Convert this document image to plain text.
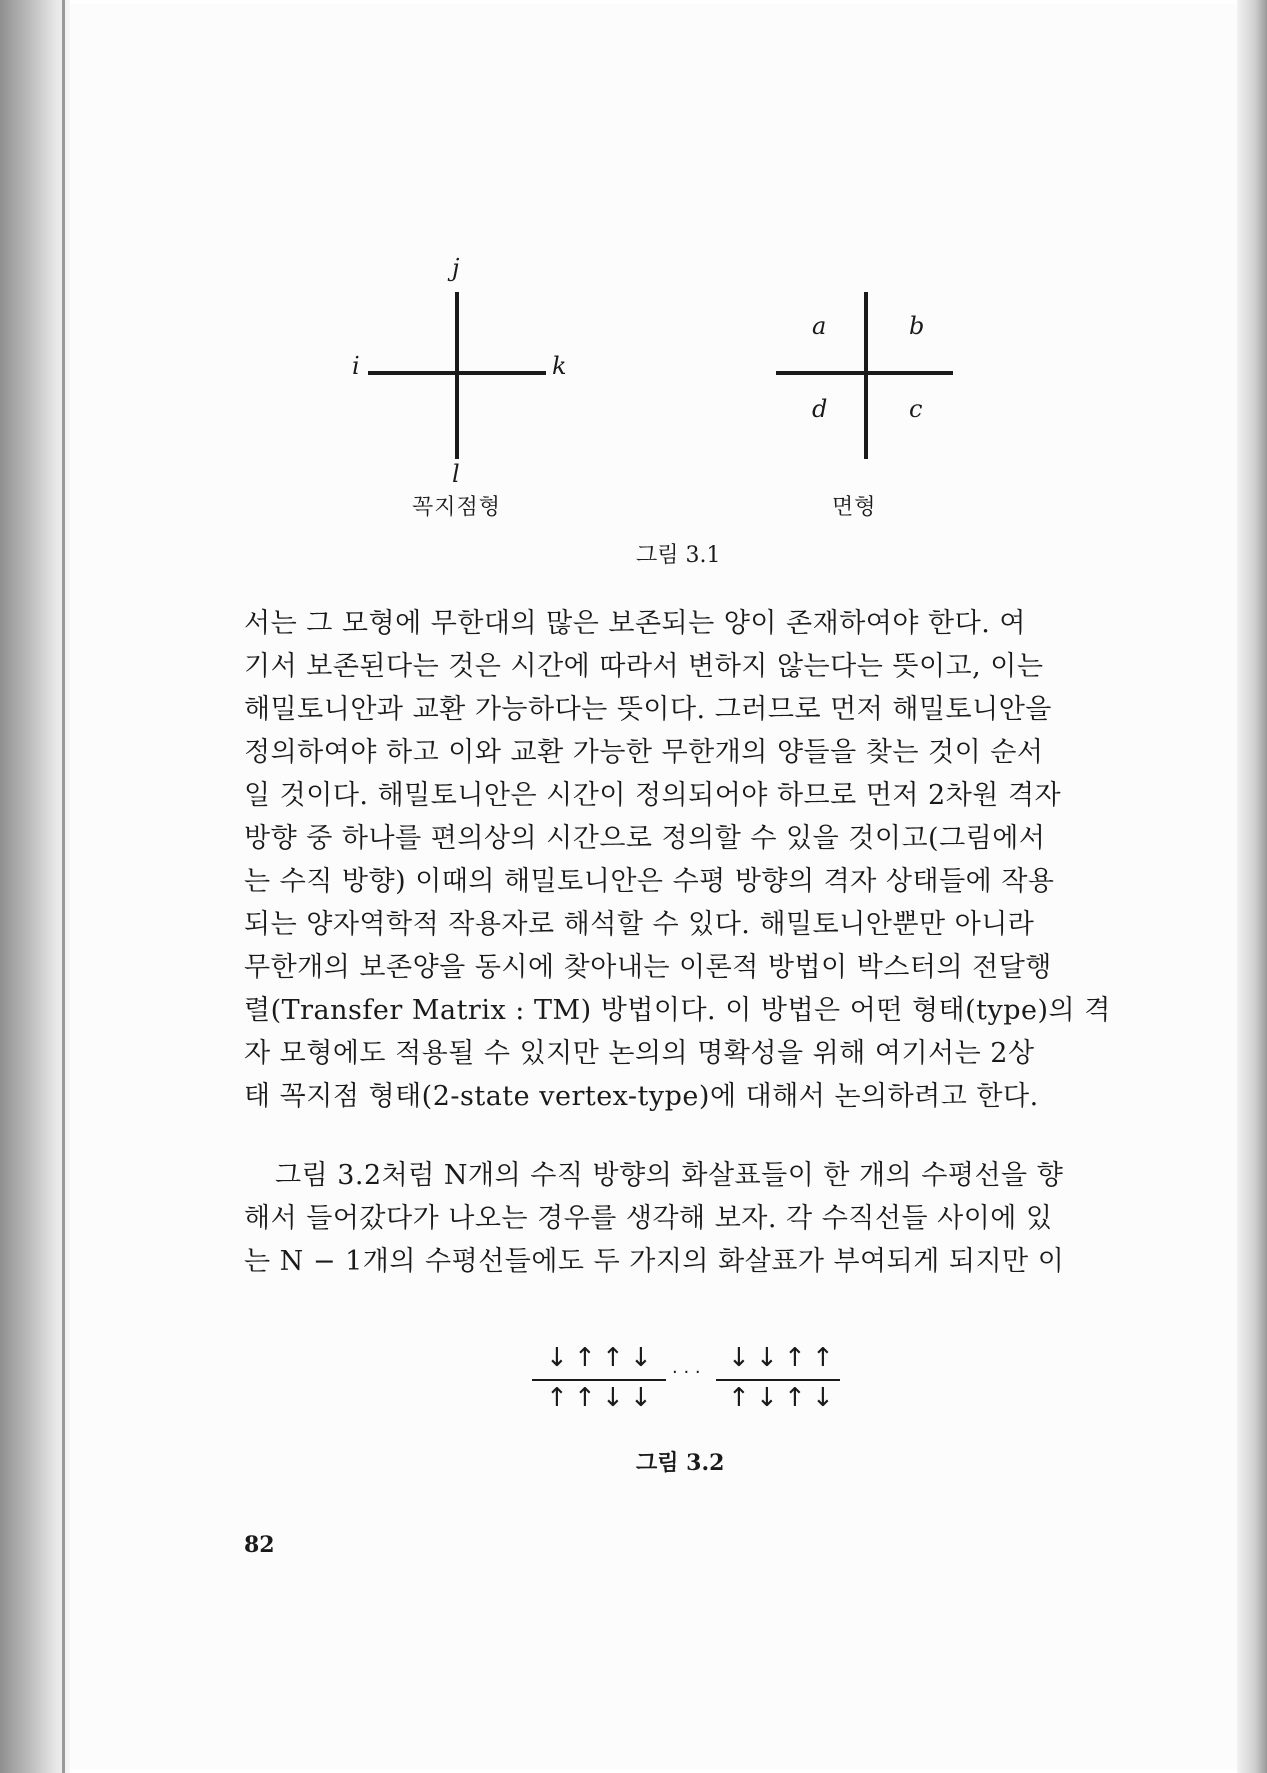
j
i	k
l
꼭지점형
a	b
d	c
면형
그림 3.1
서는 그 모형에 무한대의 많은 보존되는 양이 존재하여야 한다. 여
기서 보존된다는 것은 시간에 따라서 변하지 않는다는 뜻이고, 이는
해밀토니안과 교환 가능하다는 뜻이다. 그러므로 먼저 해밀토니안을
정의하여야 하고 이와 교환 가능한 무한개의 양들을 찾는 것이 순서
일 것이다. 해밀토니안은 시간이 정의되어야 하므로 먼저 2차원 격자
방향 중 하나를 편의상의 시간으로 정의할 수 있을 것이고(그림에서
는 수직 방향) 이때의 해밀토니안은 수평 방향의 격자 상태들에 작용
되는 양자역학적 작용자로 해석할 수 있다. 해밀토니안뿐만 아니라
무한개의 보존양을 동시에 찾아내는 이론적 방법이 박스터의 전달행
렬(Transfer Matrix : TM) 방법이다. 이 방법은 어떤 형태(type)의 격
자 모형에도 적용될 수 있지만 논의의 명확성을 위해 여기서는 2상
태 꼭지점 형태(2-state vertex-type)에 대해서 논의하려고 한다.
그림 3.2처럼 N개의 수직 방향의 화살표들이 한 개의 수평선을 향
해서 들어갔다가 나오는 경우를 생각해 보자. 각 수직선들 사이에 있
는 N − 1개의 수평선들에도 두 가지의 화살표가 부여되게 되지만 이
↓ ↑ ↑ ↓
↑ ↑ ↓ ↓
· · · ↓ ↓ ↑ ↑
↑ ↓ ↑ ↓
그림 3.2
82
